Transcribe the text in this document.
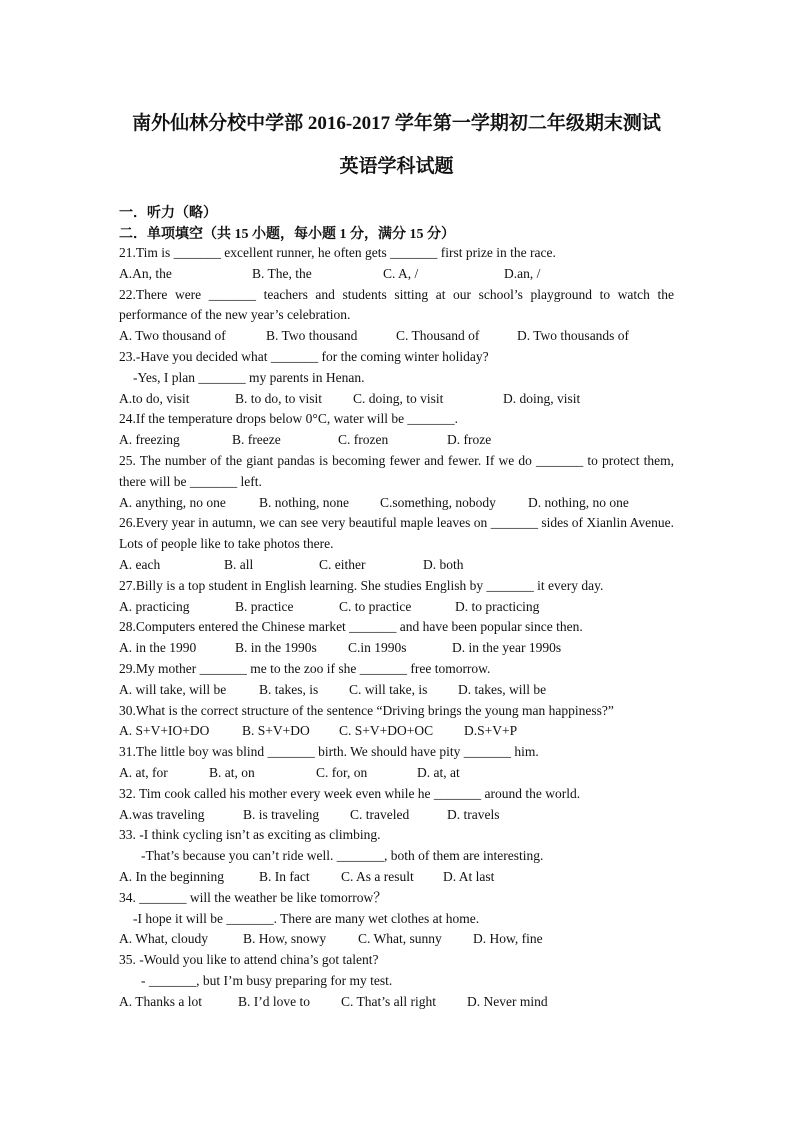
南外仙林分校中学部 2016-2017 学年第一学期初二年级期末测试
英语学科试题
一．听力（略）
二．单项填空（共 15 小题，每小题 1 分，满分 15 分）

21.Tim is _______ excellent runner, he often gets _______ first prize in the race.

A.An, the	B. The, the	C. A, /	D.an, /

22.There were _______ teachers and students sitting at our school’s playground to watch the performance of the new year’s celebration.

A. Two thousand of	B. Two thousand	C. Thousand of	D. Two thousands of

23.-Have you decided what _______ for the coming winter holiday?

-Yes, I plan _______ my parents in Henan.

A.to do, visit	B. to do, to visit C. doing, to visit	D. doing, visit

24.If the temperature drops below 0°C, water will be _______.

A. freezing	B. freeze	C. frozen	D. froze

25. The number of the giant pandas is becoming fewer and fewer. If we do _______ to protect them, there will be _______ left.

A. anything, no one B. nothing, none C.something, nobody D. nothing, no one

26.Every year in autumn, we can see very beautiful maple leaves on _______ sides of Xianlin Avenue. Lots of people like to take photos there.

A. each	B. all	C. either	D. both

27.Billy is a top student in English learning. She studies English by _______ it every day.

A. practicing	B. practice	C. to practice	D. to practicing

28.Computers entered the Chinese market _______ and have been popular since then.

A. in the 1990	B. in the 1990s C.in 1990s	D. in the year 1990s

29.My mother _______ me to the zoo if she _______ free tomorrow.

A. will take, will be B. takes, is C. will take, is D. takes, will be

30.What is the correct structure of the sentence “Driving brings the young man happiness?”

A. S+V+IO+DO B. S+V+DO C. S+V+DO+OC D.S+V+P

31.The little boy was blind _______ birth. We should have pity _______ him.

A. at, for	B. at, on	C. for, on	D. at, at

32. Tim cook called his mother every week even while he _______ around the world.

A.was traveling	B. is traveling C. traveled	D. travels

33. -I think cycling isn’t as exciting as climbing.

-That’s because you can’t ride well. _______, both of them are interesting.

A. In the beginning	B. In fact C. As a result D. At last

34. _______ will the weather be like tomorrow？

-I hope it will be _______. There are many wet clothes at home.

A. What, cloudy	B. How, snowy C. What, sunny D. How, fine

35. -Would you like to attend china’s got talent?

- _______, but I’m busy preparing for my test.

A. Thanks a lot	B. I’d love to C. That’s all right D. Never mind
